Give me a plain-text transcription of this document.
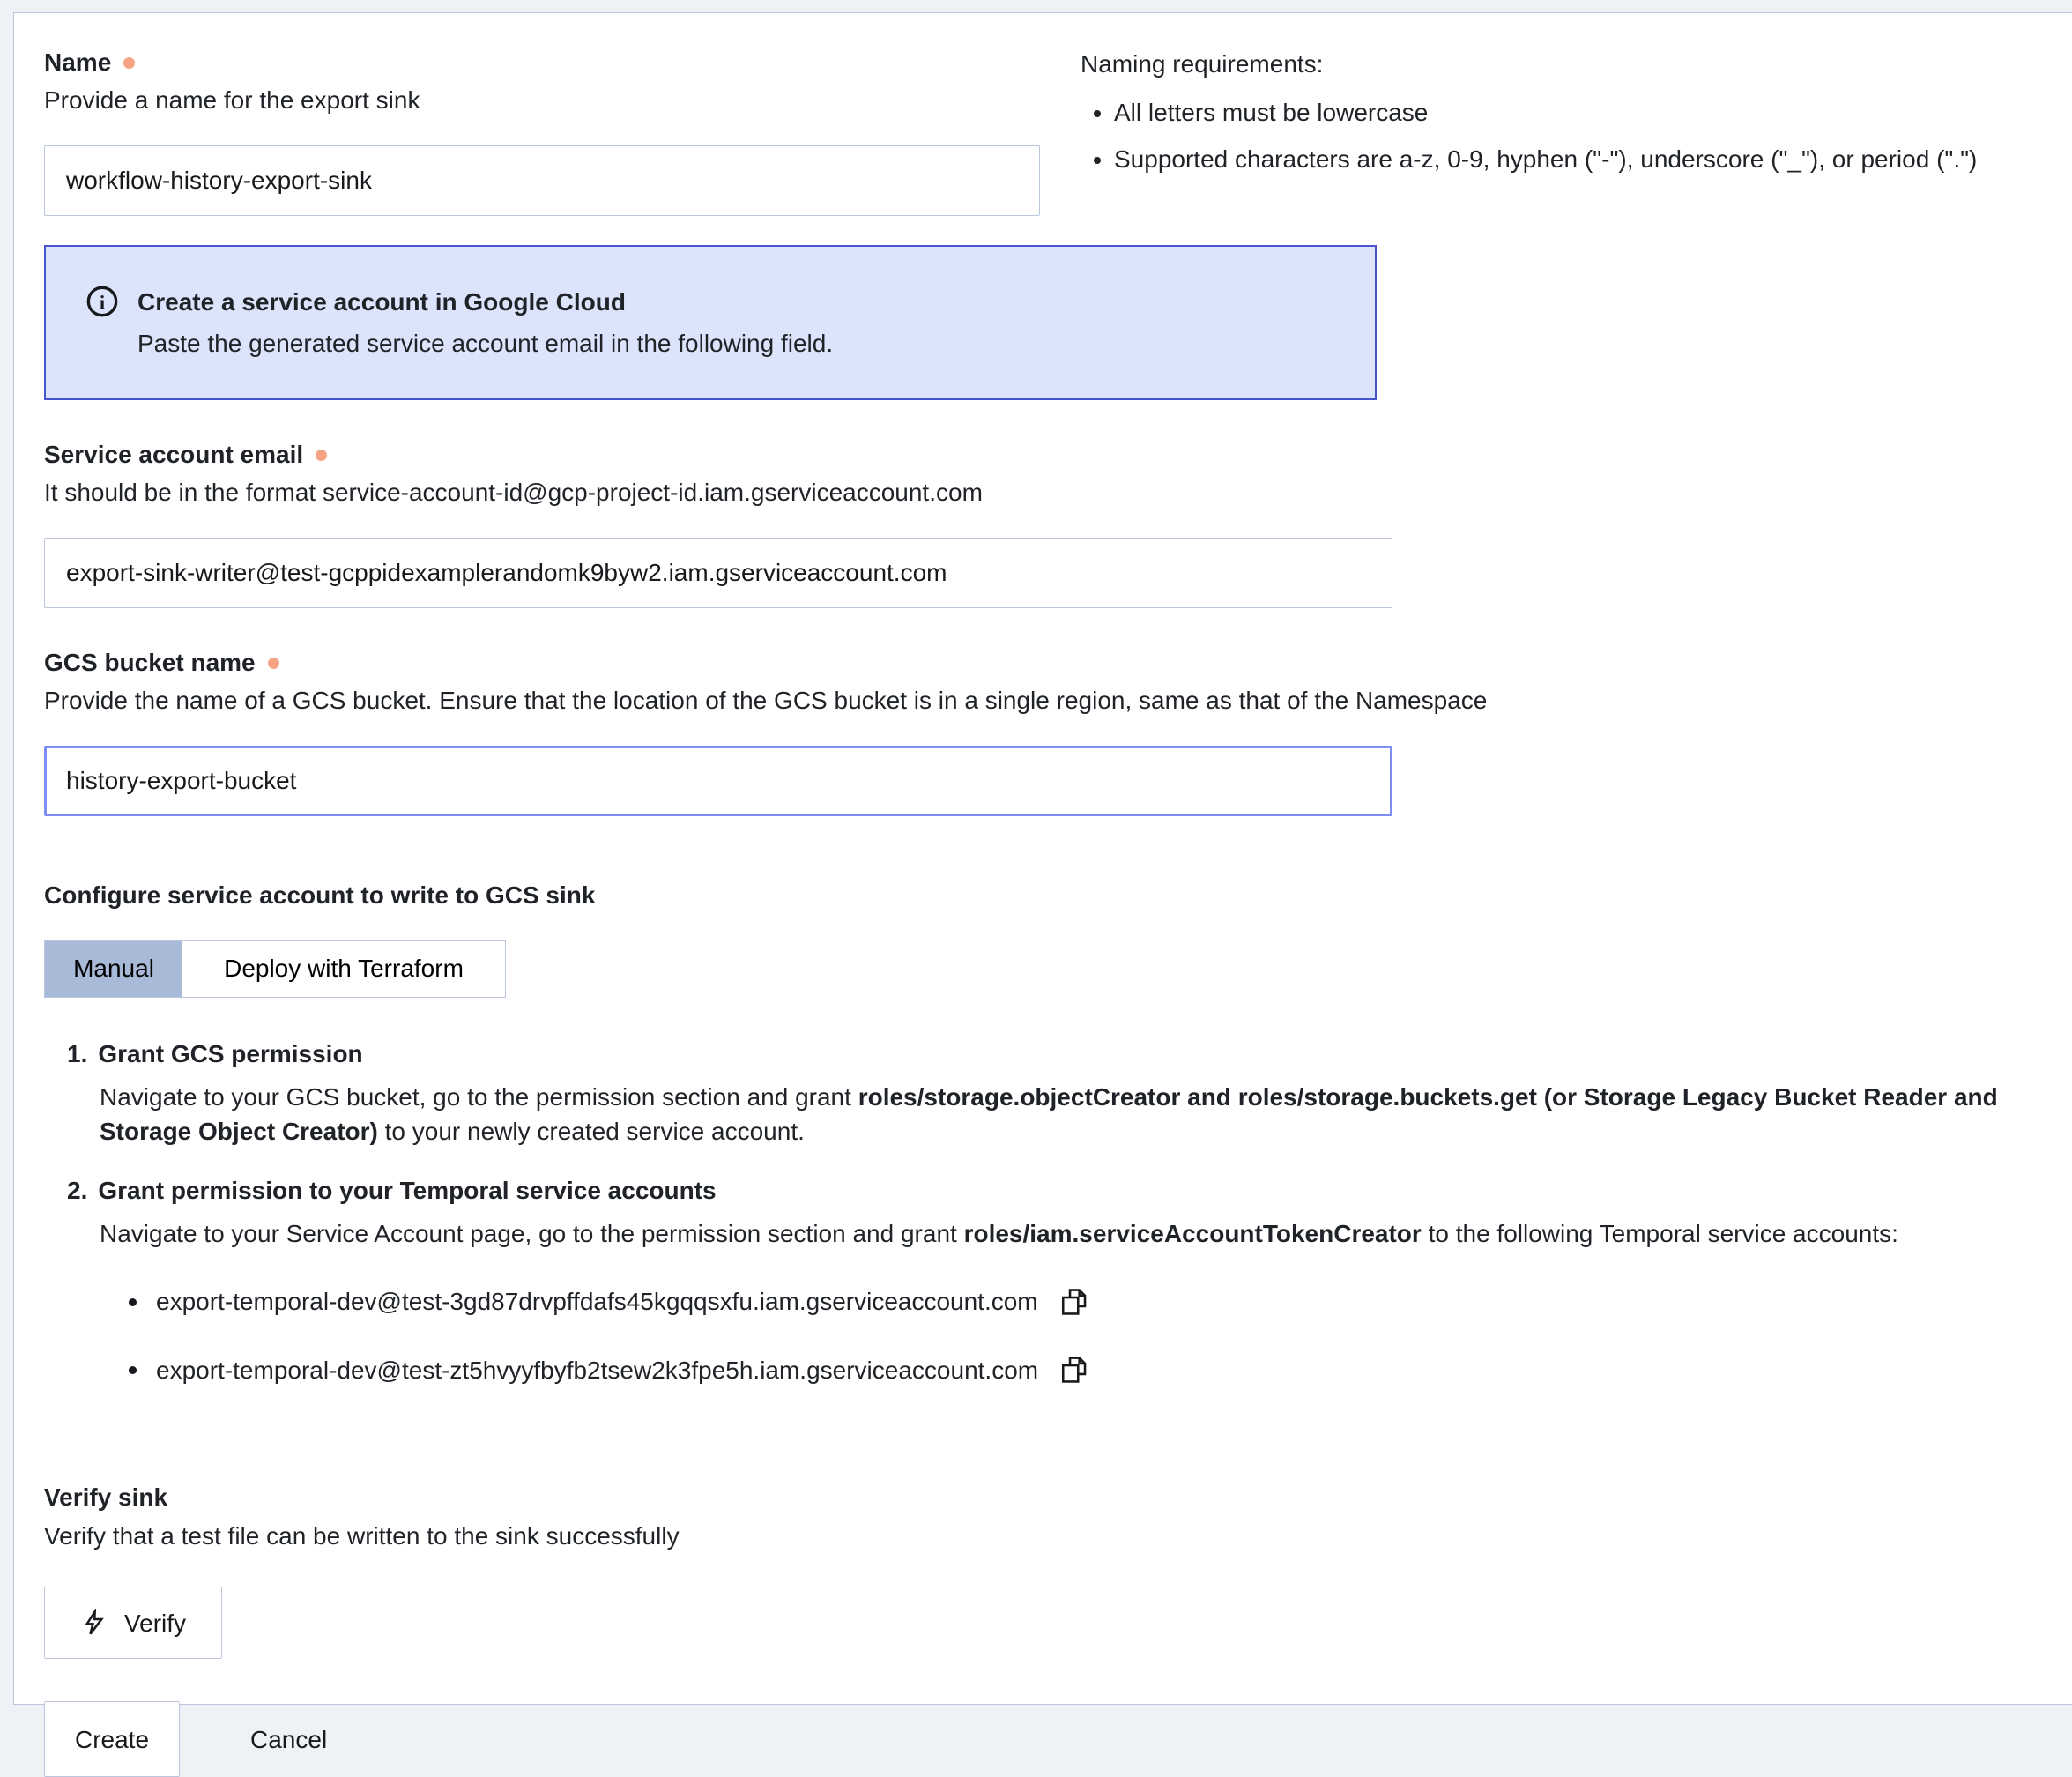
Name
Provide a name for the export sink
workflow-history-export-sink
Naming requirements:
• All letters must be lowercase
• Supported characters are a-z, 0-9, hyphen ("-"), underscore ("_"), or period (".")
i Create a service account in Google Cloud
Paste the generated service account email in the following field.
Service account email
It should be in the format service-account-id@gcp-project-id.iam.gserviceaccount.com
export-sink-writer@test-gcppidexamplerandomk9byw2.iam.gserviceaccount.com
GCS bucket name
Provide the name of a GCS bucket. Ensure that the location of the GCS bucket is in a single region, same as that of the Namespace
history-export-bucket
Configure service account to write to GCS sink
Manual	Deploy with Terraform
1. Grant GCS permission

Navigate to your GCS bucket, go to the permission section and grant roles/storage.objectCreator and roles/storage.buckets.get (or Storage Legacy Bucket Reader and Storage Object Creator) to your newly created service account.

2. Grant permission to your Temporal service accounts

Navigate to your Service Account page, go to the permission section and grant roles/iam.serviceAccountTokenCreator to the following Temporal service accounts:

export-temporal-dev@test-3gd87drvpffdafs45kgqqsxfu.iam.gserviceaccount.com
export-temporal-dev@test-zt5hvyyfbyfb2tsew2k3fpe5h.iam.gserviceaccount.com
Verify sink
Verify that a test file can be written to the sink successfully
Verify
Create	Cancel
